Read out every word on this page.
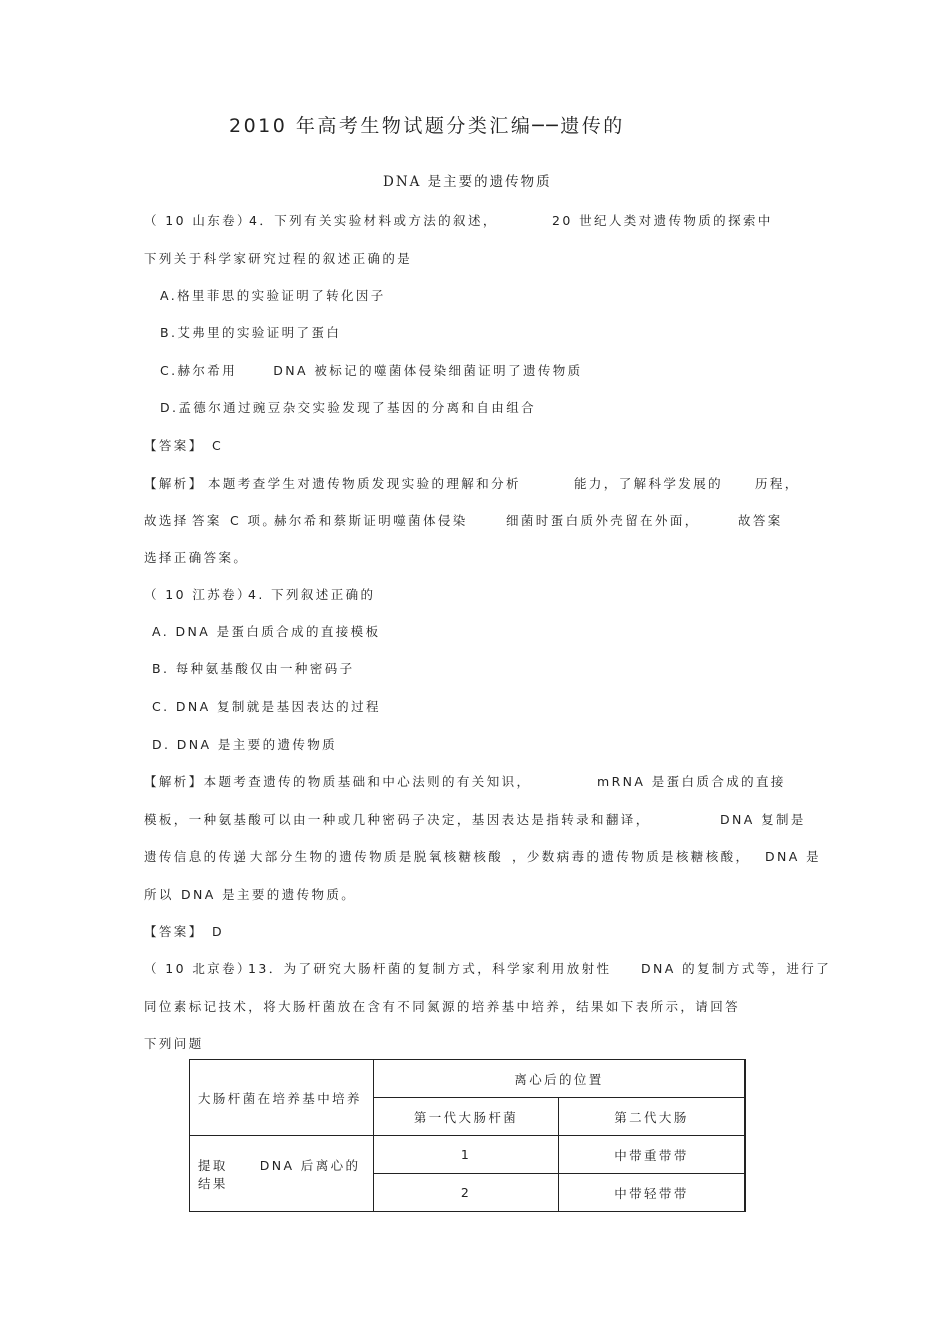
2010 年高考生物试题分类汇编──遗传的
DNA 是主要的遗传物质
（ 10 山东卷）
4．下列有关实验材料或方法的叙述，	20 世纪人类对遗传物质的探索中
下列关于科学家研究过程的叙述正确的是
A.格里菲思的实验证明了转化因子
B.艾弗里的实验证明了蛋白
C.赫尔希用 　　DNA 被标记的噬菌体侵染细菌证明了遗传物质
D.孟德尔通过豌豆杂交实验发现了基因的分离和自由组合
【答案】 C
【解析】 本题考查学生对遗传物质发现实验的理解和分析	能力，了解科学发展的	历程，
故选择 答案 C 项。
赫尔希和蔡斯证明噬菌体侵染	细菌时蛋白质外壳留在外面，	故答案
选择正确答案。
（ 10 江苏卷）
4. 下列叙述正确的
A. DNA 是蛋白质合成的直接模板
B. 每种氨基酸仅由一种密码子
C. DNA 复制就是基因表达的过程
D. DNA 是主要的遗传物质
【解析】本题考查遗传的物质基础和中心法则的有关知识，	mRNA 是蛋白质合成的直接
模板，一种氨基酸可以由一种或几种密码子决定，基因表达是指转录和翻译，	DNA 复制是
遗传信息的传递
，大部分生物的遗传物质是脱氧核糖核酸 ，少数病毒的遗传物质是核糖核酸， DNA 是
所以 DNA 是主要的遗传物质。
【答案】 D
（ 10 北京卷）
13．为了研究大肠杆菌的复制方式，科学家利用放射性 DNA 的复制方式等，进行了
同位素标记技术，将大肠杆菌放在含有不同氮源的培养基中培养，结果如下表所示，请回答
下列问题
大肠杆菌在培养基中培养	离心后的位置	
	第一代大肠杆菌	第二代大肠
提取 DNA 后离心的结果	1	中带重带带
	2	中带轻带带
